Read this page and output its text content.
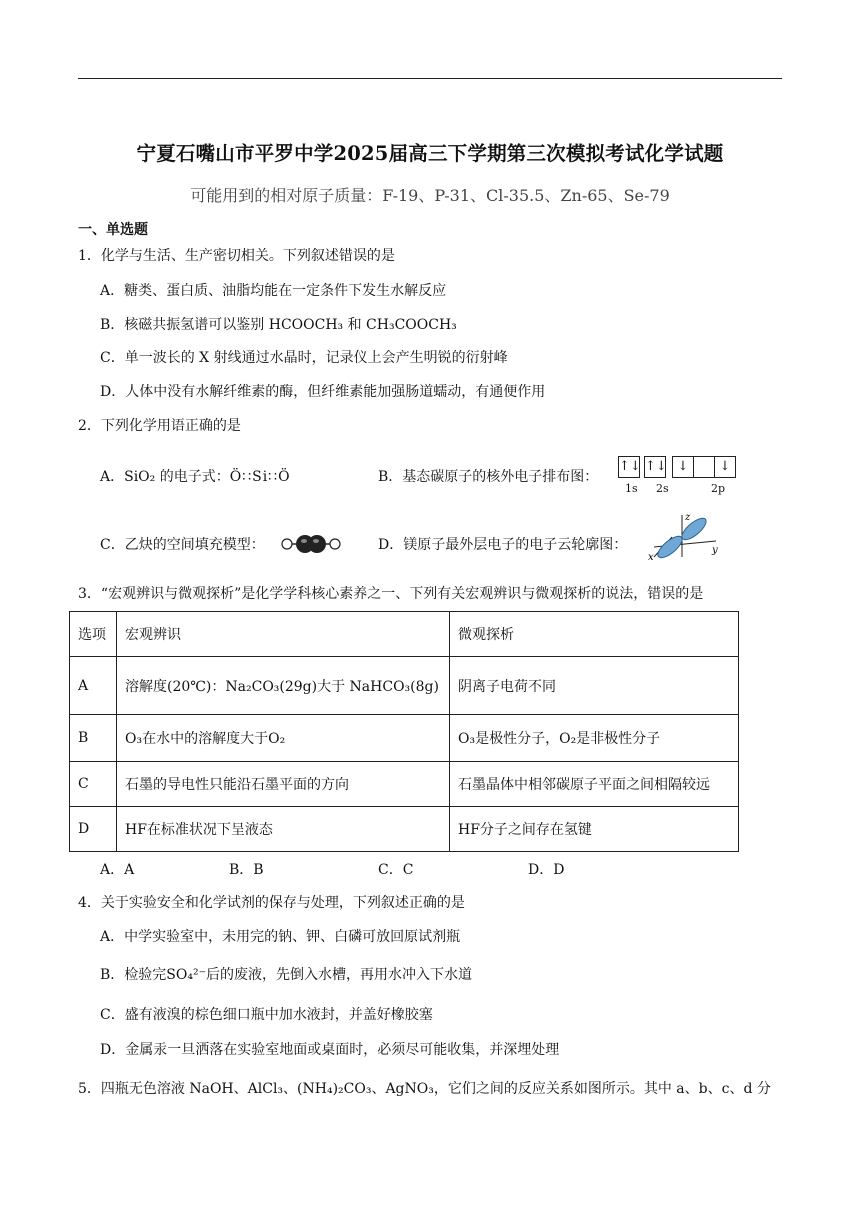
宁夏石嘴山市平罗中学2025届高三下学期第三次模拟考试化学试题
可能用到的相对原子质量：F-19、P-31、Cl-35.5、Zn-65、Se-79
一、单选题
1．化学与生活、生产密切相关。下列叙述错误的是
A．糖类、蛋白质、油脂均能在一定条件下发生水解反应
B．核磁共振氢谱可以鉴别 HCOOCH₃ 和 CH₃COOCH₃
C．单一波长的 X 射线通过水晶时，记录仪上会产生明锐的衍射峰
D．人体中没有水解纤维素的酶，但纤维素能加强肠道蠕动，有通便作用
2．下列化学用语正确的是
A．SiO₂ 的电子式：Ö∷Si∷Ö	B．基态碳原子的核外电子排布图：
↑↓ ↑↓ ↓ ↓
1s 2s	2p
C．乙炔的空间填充模型：	D．镁原子最外层电子的电子云轮廓图：
z
y
x
3．“宏观辨识与微观探析”是化学学科核心素养之一、下列有关宏观辨识与微观探析的说法，错误的是
选项	宏观辨识	微观探析
A	溶解度(20℃)：Na₂CO₃(29g)大于 NaHCO₃(8g)	阴离子电荷不同
B	O₃在水中的溶解度大于O₂	O₃是极性分子，O₂是非极性分子
C	石墨的导电性只能沿石墨平面的方向	石墨晶体中相邻碳原子平面之间相隔较远
D	HF在标准状况下呈液态	HF分子之间存在氢键
A．A	B．B	C．C	D．D
4．关于实验安全和化学试剂的保存与处理，下列叙述正确的是
A．中学实验室中，未用完的钠、钾、白磷可放回原试剂瓶
B．检验完SO₄²⁻后的废液，先倒入水槽，再用水冲入下水道
C．盛有液溴的棕色细口瓶中加水液封，并盖好橡胶塞
D．金属汞一旦洒落在实验室地面或桌面时，必须尽可能收集，并深埋处理
5．四瓶无色溶液 NaOH、AlCl₃、(NH₄)₂CO₃、AgNO₃，它们之间的反应关系如图所示。其中 a、b、c、d 分
